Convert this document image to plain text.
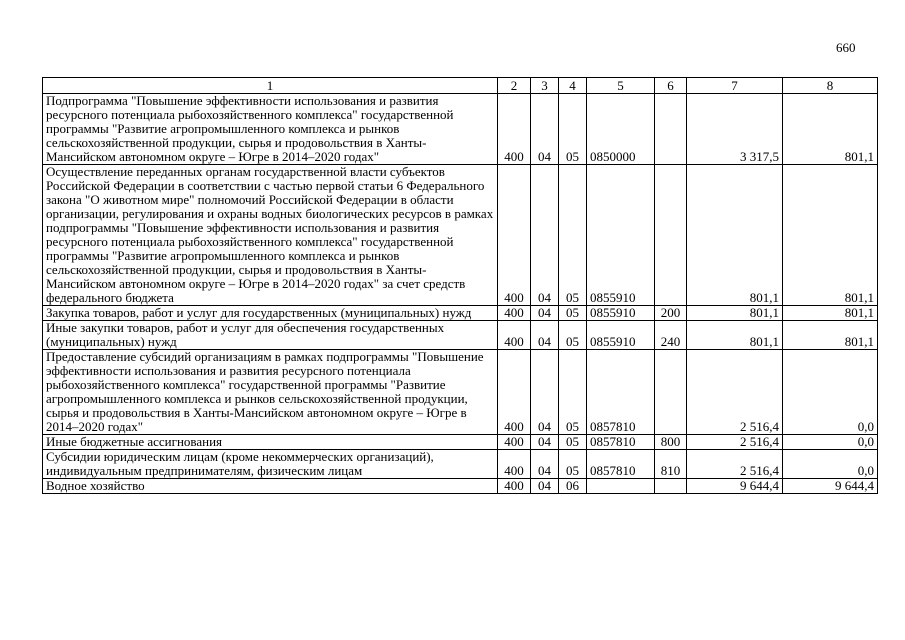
660
1	2	3	4	5	6	7	8
Подпрограмма "Повышение эффективности использования и развития ресурсного потенциала рыбохозяйственного комплекса" государственной программы "Развитие агропромышленного комплекса и рынков сельскохозяйственной продукции, сырья и продовольствия в Ханты-Мансийском автономном округе – Югре в 2014–2020 годах"	400	04	05	0850000		3 317,5	801,1
Осуществление переданных органам государственной власти субъектов Российской Федерации в соответствии с частью первой статьи 6 Федерального закона "О животном мире" полномочий Российской Федерации в области организации, регулирования и охраны водных биологических ресурсов в рамках подпрограммы "Повышение эффективности использования и развития ресурсного потенциала рыбохозяйственного комплекса" государственной программы "Развитие агропромышленного комплекса и рынков сельскохозяйственной продукции, сырья и продовольствия в Ханты-Мансийском автономном округе – Югре в 2014–2020 годах" за счет средств федерального бюджета	400	04	05	0855910		801,1	801,1
Закупка товаров, работ и услуг для государственных (муниципальных) нужд	400	04	05	0855910	200	801,1	801,1
Иные закупки товаров, работ и услуг для обеспечения государственных (муниципальных) нужд	400	04	05	0855910	240	801,1	801,1
Предоставление субсидий организациям в рамках подпрограммы "Повышение эффективности использования и развития ресурсного потенциала рыбохозяйственного комплекса" государственной программы "Развитие агропромышленного комплекса и рынков сельскохозяйственной продукции, сырья и продовольствия в Ханты-Мансийском автономном округе – Югре в 2014–2020 годах"	400	04	05	0857810		2 516,4	0,0
Иные бюджетные ассигнования	400	04	05	0857810	800	2 516,4	0,0
Субсидии юридическим лицам (кроме некоммерческих организаций), индивидуальным предпринимателям, физическим лицам	400	04	05	0857810	810	2 516,4	0,0
Водное хозяйство	400	04	06			9 644,4	9 644,4
